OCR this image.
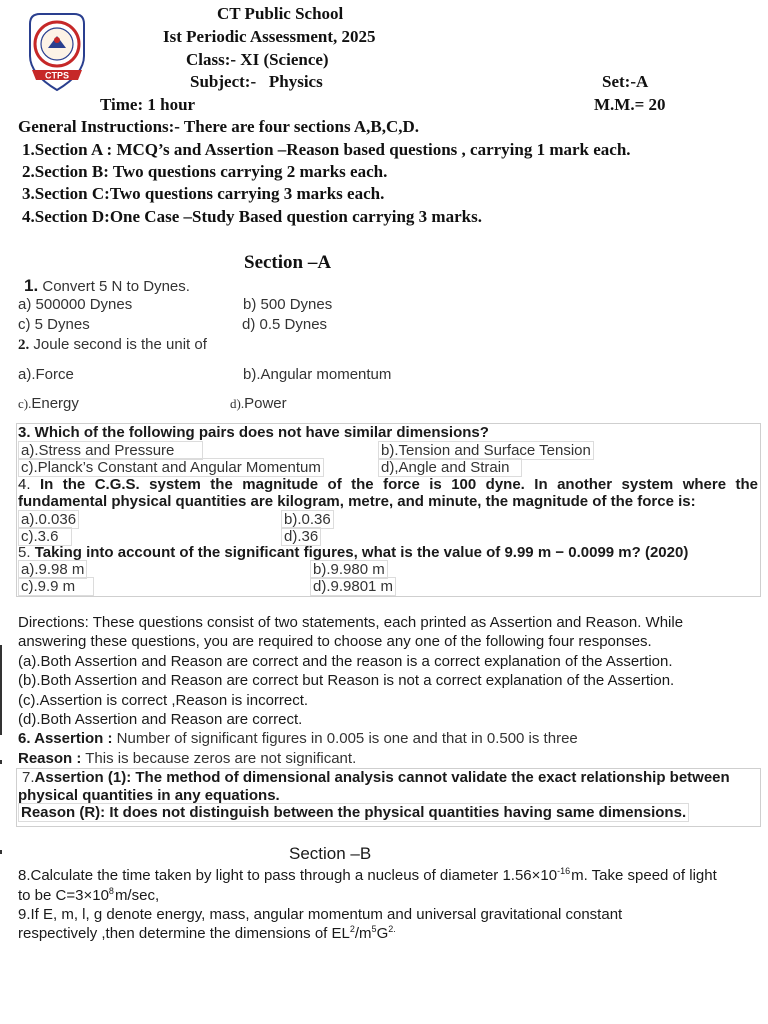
CTPS
CT Public School
Ist Periodic Assessment, 2025
Class:- XI (Science)
Subject:- Physics	Set:-A
Time: 1 hour	M.M.= 20
General Instructions:- There are four sections A,B,C,D.
1.Section A : MCQ’s and Assertion –Reason based questions , carrying 1 mark each.
2.Section B: Two questions carrying 2 marks each.
3.Section C:Two questions carrying 3 marks each.
4.Section D:One Case –Study Based question carrying 3 marks.
Section –A
1. Convert 5 N to Dynes.
a) 500000 Dynes	b) 500 Dynes
c) 5 Dynes	d) 0.5 Dynes
2. Joule second is the unit of
a).Force	b).Angular momentum
c).Energy	d).Power
3. Which of the following pairs does not have similar dimensions?
a).Stress and Pressure	b).Tension and Surface Tension
c).Planck’s Constant and Angular Momentum	d),Angle and Strain
4. In the C.G.S. system the magnitude of the force is 100 dyne. In another system where the
fundamental physical quantities are kilogram, metre, and minute, the magnitude of the force is:
a).0.036	b).0.36
c).3.6	d).36
5. Taking into account of the significant figures, what is the value of 9.99 m − 0.0099 m? (2020)
a).9.98 m	b).9.980 m
c).9.9 m	d).9.9801 m
Directions: These questions consist of two statements, each printed as Assertion and Reason. While
answering these questions, you are required to choose any one of the following four responses.
(a).Both Assertion and Reason are correct and the reason is a correct explanation of the Assertion.
(b).Both Assertion and Reason are correct but Reason is not a correct explanation of the Assertion.
(c).Assertion is correct ,Reason is incorrect.
(d).Both Assertion and Reason are correct.
6. Assertion : Number of significant figures in 0.005 is one and that in 0.500 is three
Reason : This is because zeros are not significant.
7.Assertion (1): The method of dimensional analysis cannot validate the exact relationship between
physical quantities in any equations.
Reason (R): It does not distinguish between the physical quantities having same dimensions.
Section –B
8.Calculate the time taken by light to pass through a nucleus of diameter $1.56\times 10^{-16}m$. Take speed of light
to be $C=3\times 10^8m/\sec$,
9.If E, m, l, g denote energy, mass, angular momentum and universal gravitational constant
respectively ,then determine the dimensions of $EL^2/m^5G^{2.}$
